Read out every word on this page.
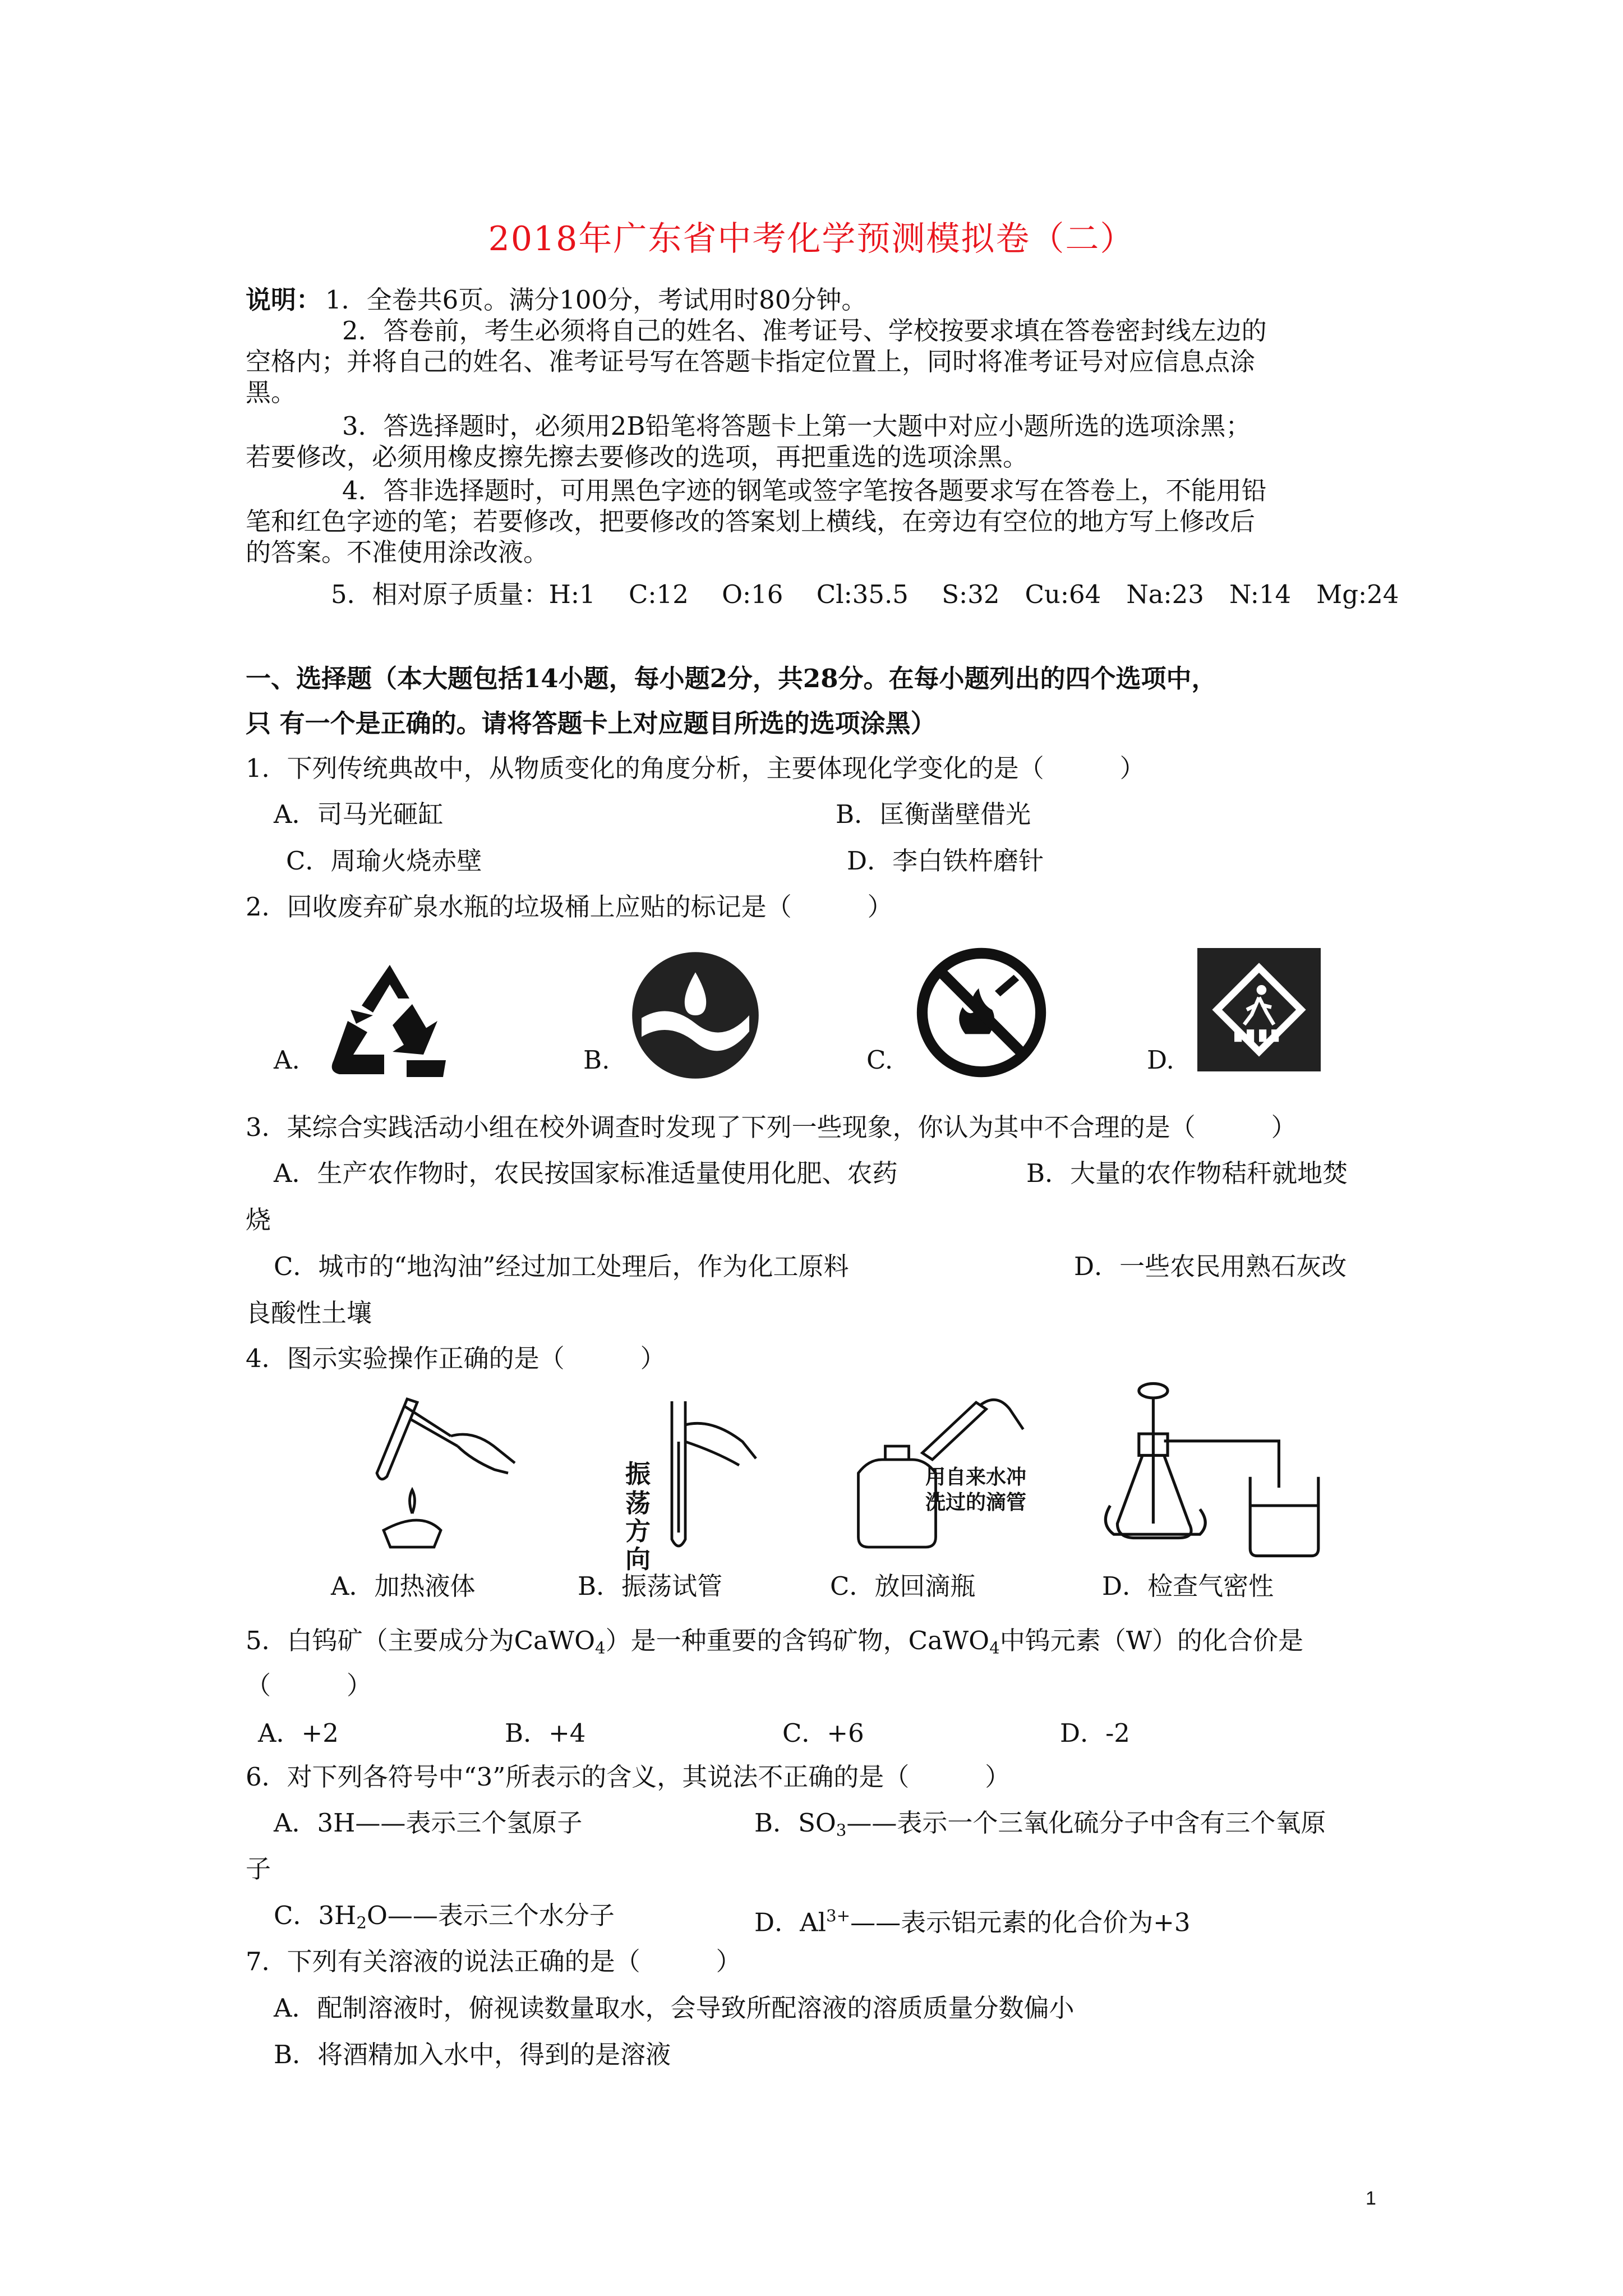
2018年广东省中考化学预测模拟卷（二）
说明： 1．全卷共6页。满分100分，考试用时80分钟。
2．答卷前，考生必须将自己的姓名、准考证号、学校按要求填在答卷密封线左边的
空格内；并将自己的姓名、准考证号写在答题卡指定位置上，同时将准考证号对应信息点涂
黑。
3．答选择题时，必须用2B铅笔将答题卡上第一大题中对应小题所选的选项涂黑；
若要修改，必须用橡皮擦先擦去要修改的选项，再把重选的选项涂黑。
4．答非选择题时，可用黑色字迹的钢笔或签字笔按各题要求写在答卷上，不能用铅
笔和红色字迹的笔；若要修改，把要修改的答案划上横线，在旁边有空位的地方写上修改后
的答案。不准使用涂改液。
5．相对原子质量：H:1　 C:12　 O:16　 Cl:35.5　 S:32　Cu:64　Na:23　N:14　Mg:24
一、选择题（本大题包括14小题，每小题2分，共28分。在每小题列出的四个选项中，
只 有一个是正确的。请将答题卡上对应题目所选的选项涂黑）
1．下列传统典故中，从物质变化的角度分析，主要体现化学变化的是（　　　）
A．司马光砸缸	B．匡衡凿壁借光
C．周瑜火烧赤壁	D．李白铁杵磨针
2．回收废弃矿泉水瓶的垃圾桶上应贴的标记是（　　　）
A.	B.	C.	D.
3．某综合实践活动小组在校外调查时发现了下列一些现象，你认为其中不合理的是（　　　）
A．生产农作物时，农民按国家标准适量使用化肥、农药	B．大量的农作物秸秆就地焚
烧
C．城市的“地沟油”经过加工处理后，作为化工原料	D．一些农民用熟石灰改
良酸性土壤
4．图示实验操作正确的是（　　　）
A．加热液体
振
荡
方
向
B．振荡试管
用自来水冲
洗过的滴管
C．放回滴瓶	D．检查气密性
5．白钨矿（主要成分为CaWO$_4$）是一种重要的含钨矿物，CaWO$_4$中钨元素（W）的化合价是
（　　　）
A．+2	B．+4	C．+6	D．-2
6．对下列各符号中“3”所表示的含义，其说法不正确的是（　　　）
A．3H——表示三个氢原子	B．$SO_3——$表示一个三氧化硫分子中含有三个氧原
子
C．$3H_2O——$表示三个水分子	D．$Al^{3+}——$表示铝元素的化合价为+3
7．下列有关溶液的说法正确的是（　　　）
A．配制溶液时，俯视读数量取水，会导致所配溶液的溶质质量分数偏小
B．将酒精加入水中，得到的是溶液
1
